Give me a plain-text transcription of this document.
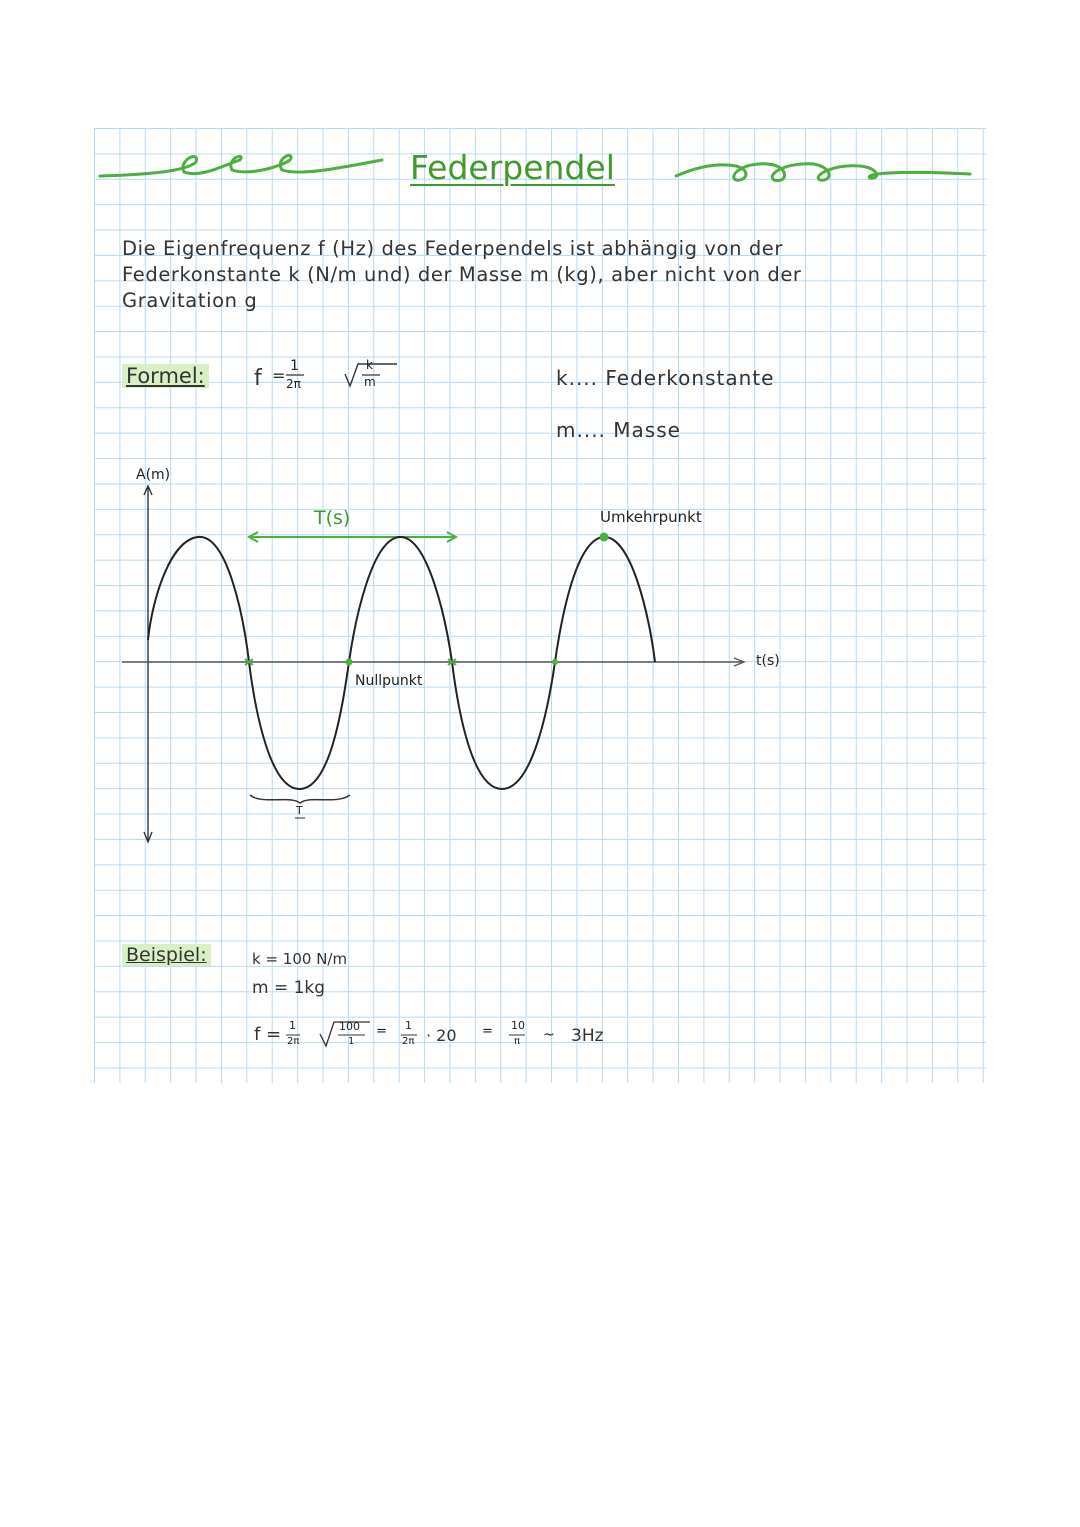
Federpendel
Die Eigenfrequenz f (Hz) des Federpendels ist abhängig von der
Federkonstante k (N/m und) der Masse m (kg), aber nicht von der
Gravitation g
Formel: f = 1
2π
k
m	k.... Federkonstante
m.... Masse
A(m)
t(s)
T(s)	Umkehrpunkt
Nullpunkt
T
Beispiel:	k = 100 N/m
m = 1kg
f = 1
2π
100
1
= 1
2π · 20 = 10
π ~ 3Hz
